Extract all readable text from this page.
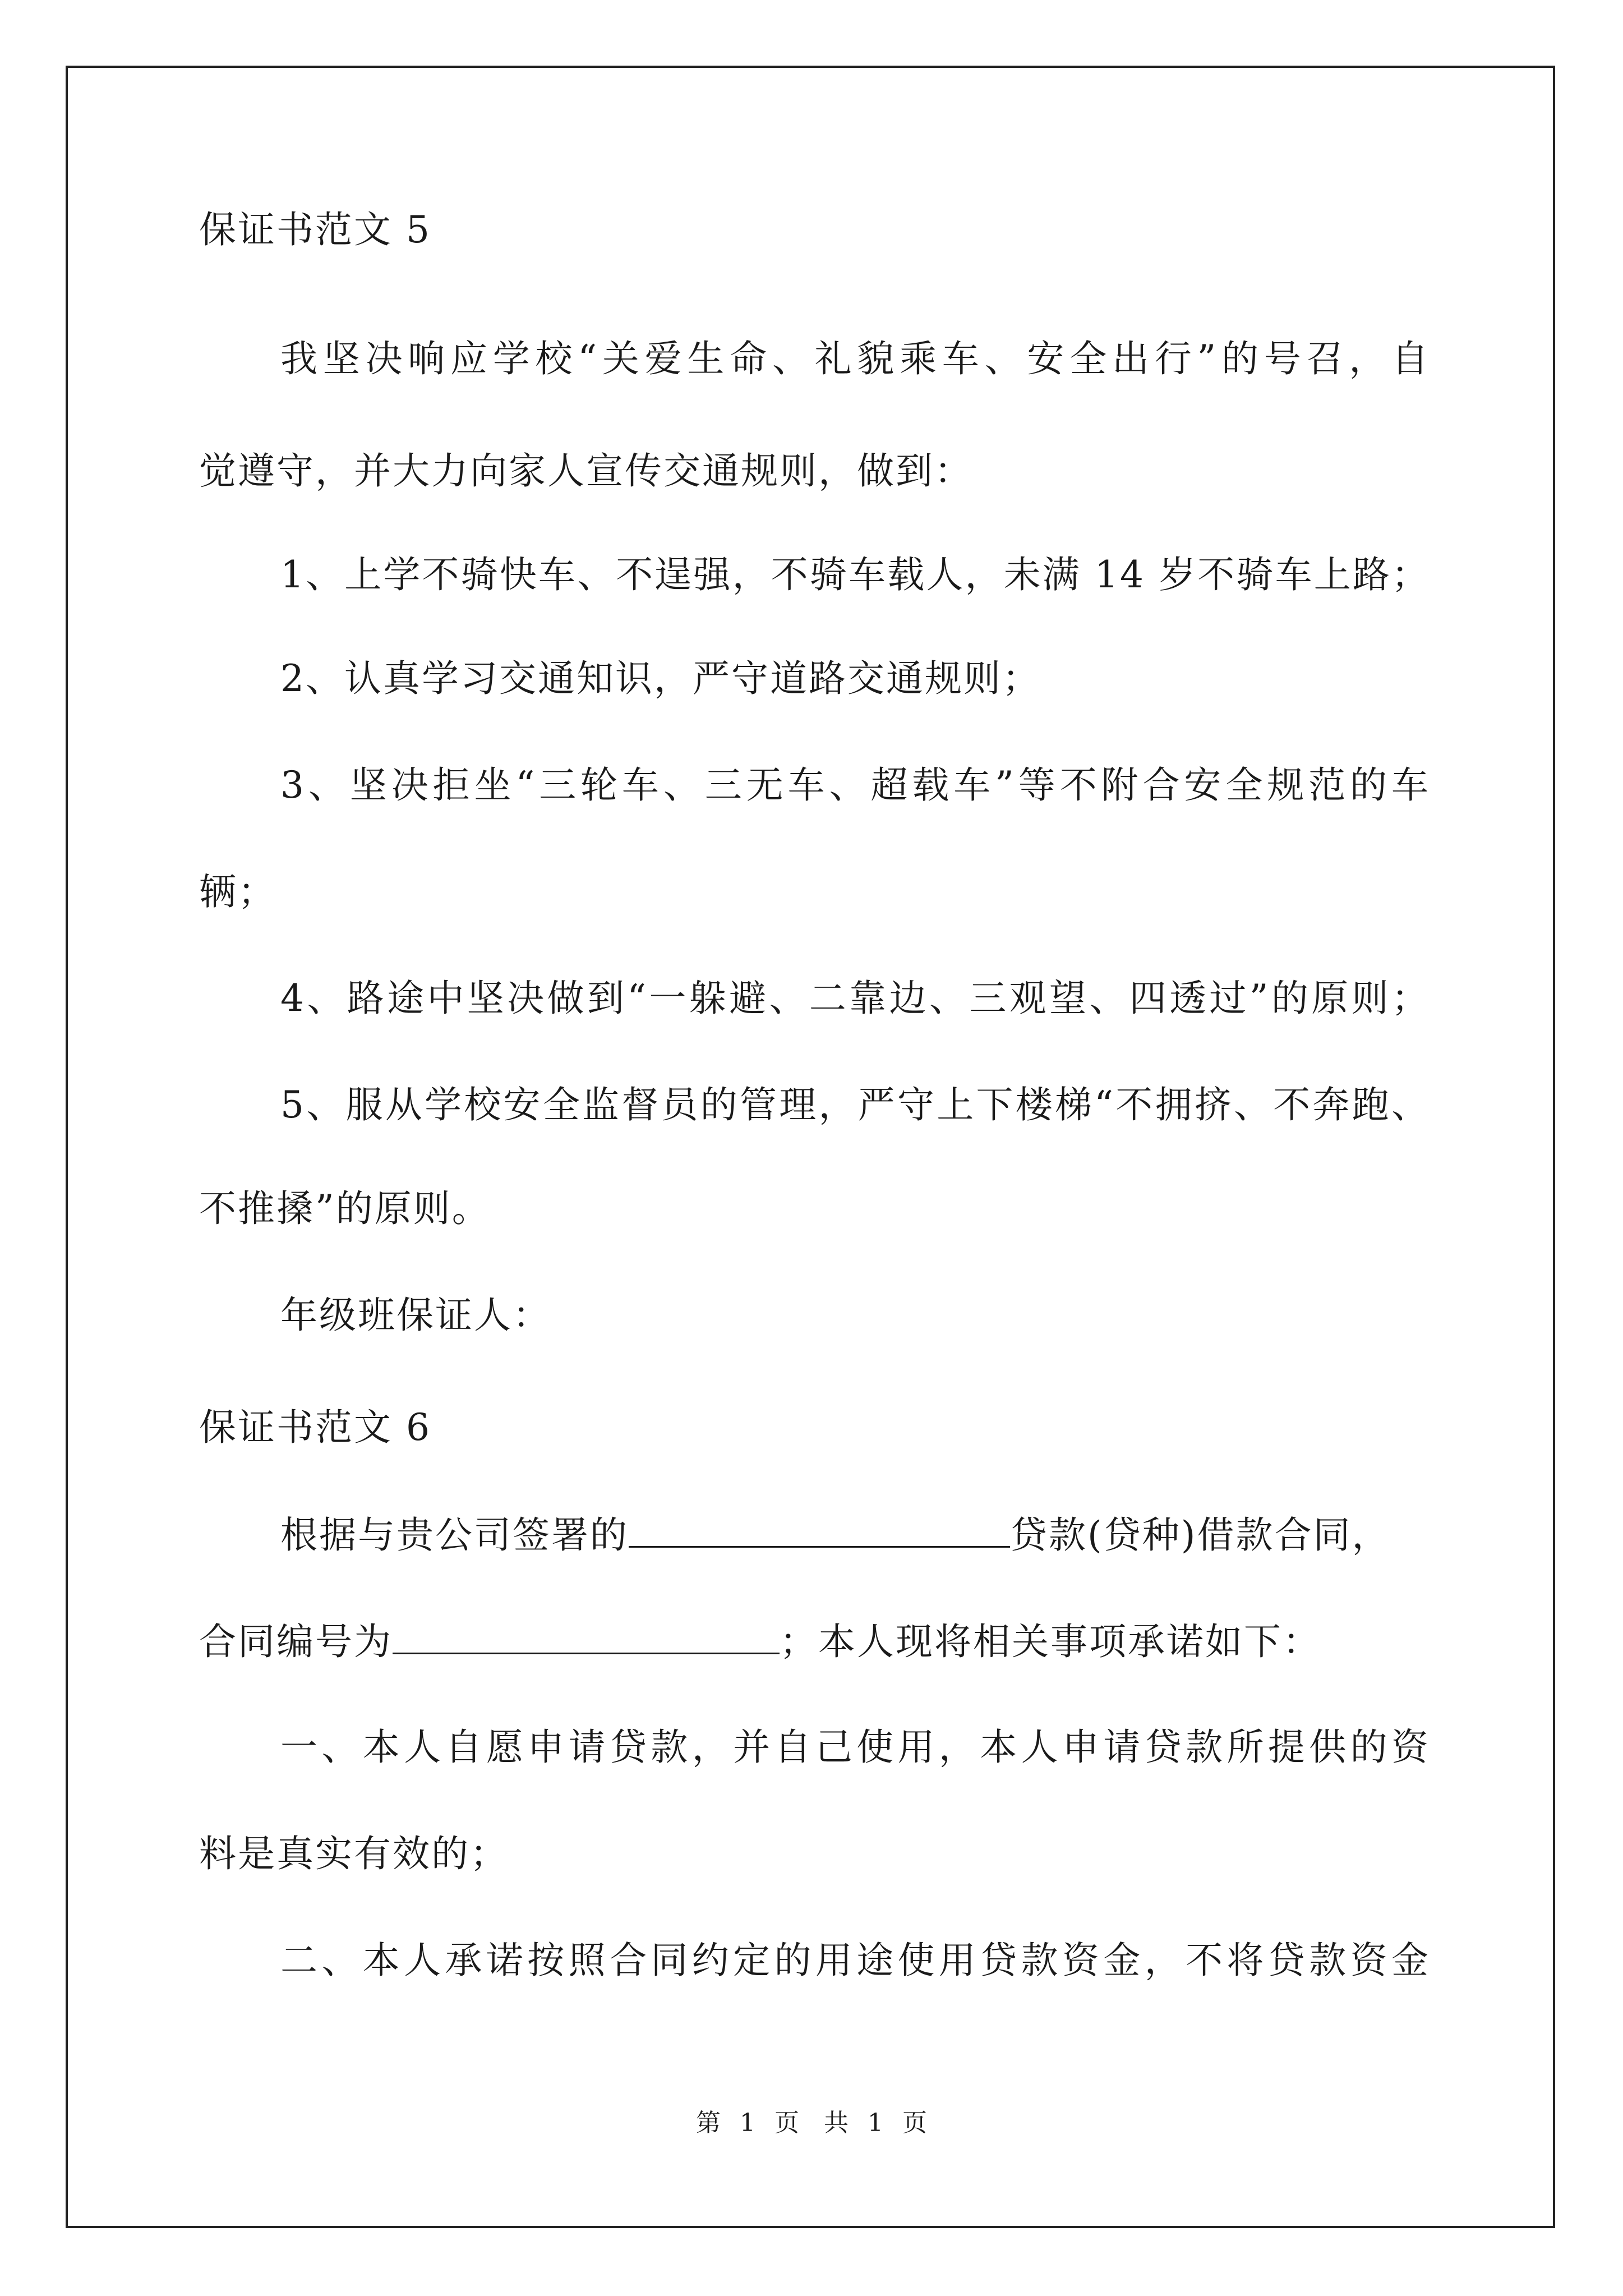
保证书范文 5
我坚决响应学校“关爱生命、礼貌乘车、安全出行”的号召，自
觉遵守，并大力向家人宣传交通规则，做到：
1、上学不骑快车、不逞强，不骑车载人，未满 14 岁不骑车上路；
2、认真学习交通知识，严守道路交通规则；
3、坚决拒坐“三轮车、三无车、超载车”等不附合安全规范的车
辆；
4、路途中坚决做到“一躲避、二靠边、三观望、四透过”的原则；
5、服从学校安全监督员的管理，严守上下楼梯“不拥挤、不奔跑、
不推搡”的原则。
年级班保证人：
保证书范文 6
根据与贵公司签署的	贷款(贷种)借款合同，
合同编号为	；本人现将相关事项承诺如下：
一、本人自愿申请贷款，并自己使用，本人申请贷款所提供的资
料是真实有效的；
二、本人承诺按照合同约定的用途使用贷款资金，不将贷款资金
第 1 页　共 1 页
